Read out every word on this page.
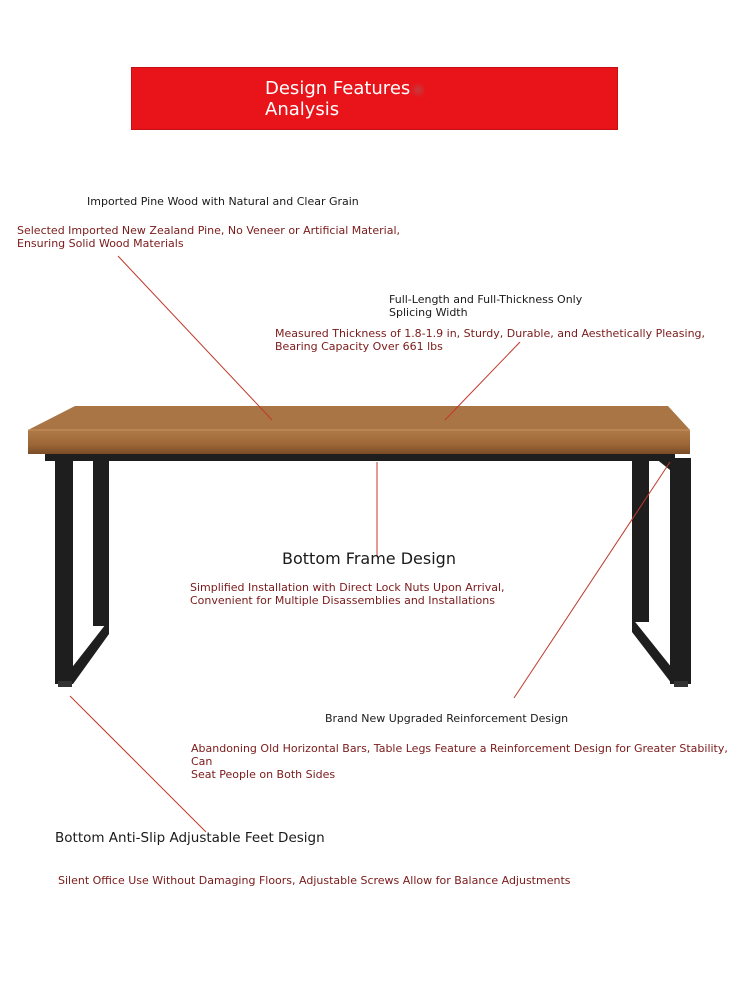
Design Features
Analysis
Imported Pine Wood with Natural and Clear Grain
Selected Imported New Zealand Pine, No Veneer or Artificial Material,
Ensuring Solid Wood Materials
Full-Length and Full-Thickness Only
Splicing Width
Measured Thickness of 1.8-1.9 in, Sturdy, Durable, and Aesthetically Pleasing,
Bearing Capacity Over 661 lbs
Bottom Frame Design
Simplified Installation with Direct Lock Nuts Upon Arrival,
Convenient for Multiple Disassemblies and Installations
Brand New Upgraded Reinforcement Design
Abandoning Old Horizontal Bars, Table Legs Feature a Reinforcement Design for Greater Stability, Can
Seat People on Both Sides
Bottom Anti-Slip Adjustable Feet Design
Silent Office Use Without Damaging Floors, Adjustable Screws Allow for Balance Adjustments
